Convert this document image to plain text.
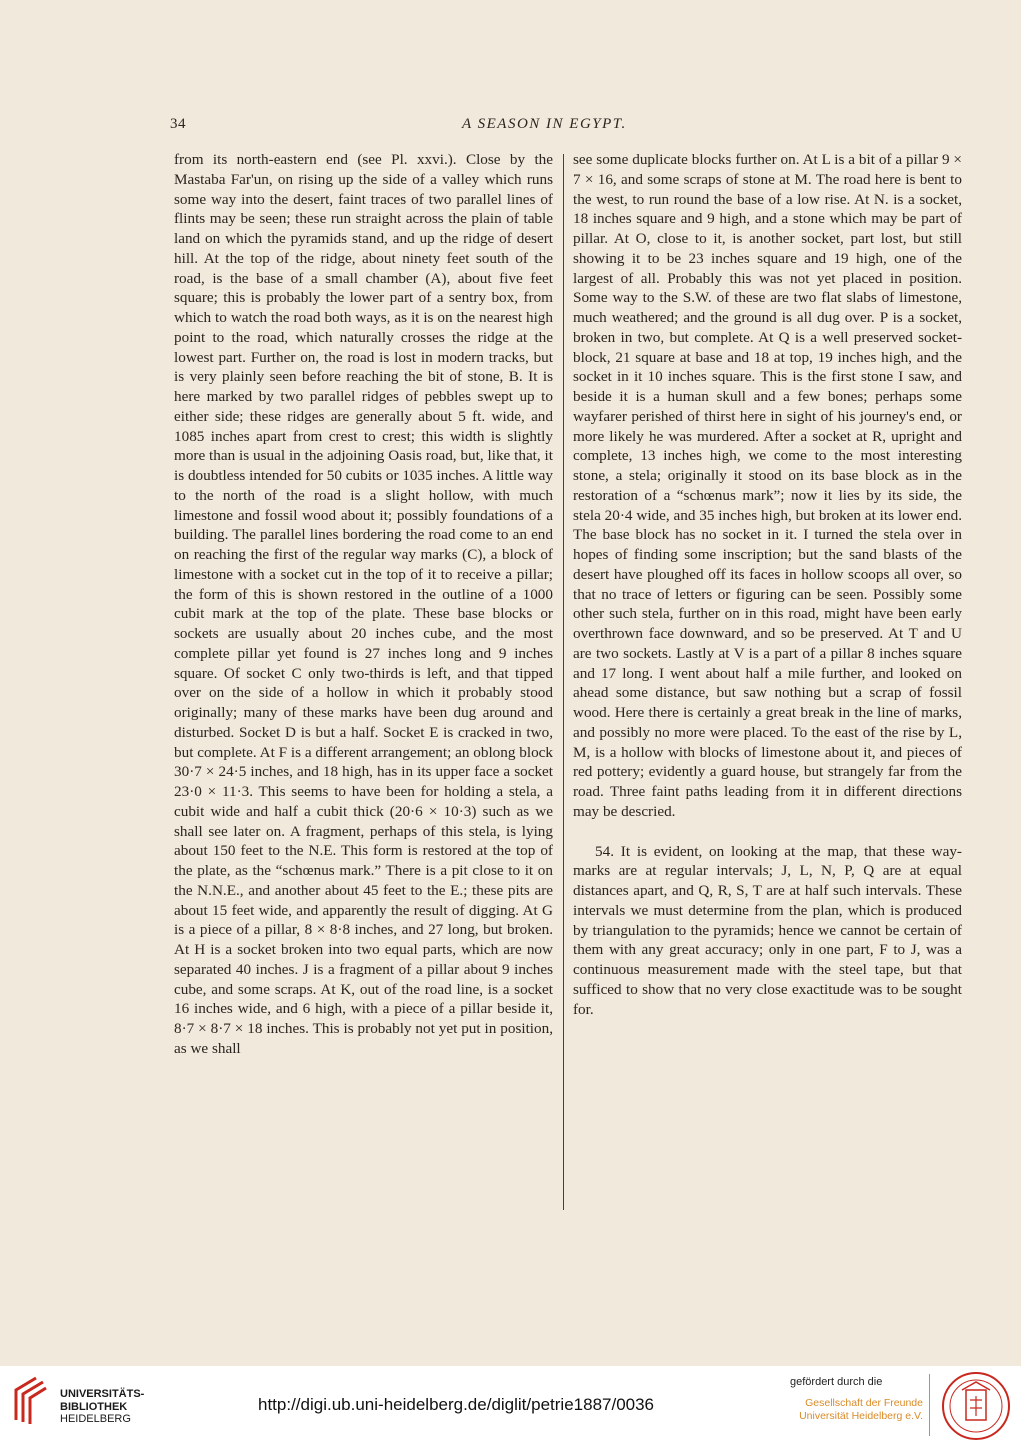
34	A SEASON IN EGYPT.

from its north-eastern end (see Pl. xxvi.). Close by the Mastaba Far'un, on rising up the side of a valley which runs some way into the desert, faint traces of two parallel lines of flints may be seen; these run straight across the plain of table land on which the pyramids stand, and up the ridge of desert hill. At the top of the ridge, about ninety feet south of the road, is the base of a small chamber (A), about five feet square; this is probably the lower part of a sentry box, from which to watch the road both ways, as it is on the nearest high point to the road, which naturally crosses the ridge at the lowest part. Further on, the road is lost in modern tracks, but is very plainly seen before reaching the bit of stone, B. It is here marked by two parallel ridges of pebbles swept up to either side; these ridges are generally about 5 ft. wide, and 1085 inches apart from crest to crest; this width is slightly more than is usual in the adjoining Oasis road, but, like that, it is doubtless intended for 50 cubits or 1035 inches. A little way to the north of the road is a slight hollow, with much limestone and fossil wood about it; possibly foundations of a building. The parallel lines bordering the road come to an end on reaching the first of the regular way marks (C), a block of limestone with a socket cut in the top of it to receive a pillar; the form of this is shown restored in the outline of a 1000 cubit mark at the top of the plate. These base blocks or sockets are usually about 20 inches cube, and the most complete pillar yet found is 27 inches long and 9 inches square. Of socket C only two-thirds is left, and that tipped over on the side of a hollow in which it probably stood originally; many of these marks have been dug around and disturbed. Socket D is but a half. Socket E is cracked in two, but complete. At F is a different arrangement; an oblong block 30·7 × 24·5 inches, and 18 high, has in its upper face a socket 23·0 × 11·3. This seems to have been for holding a stela, a cubit wide and half a cubit thick (20·6 × 10·3) such as we shall see later on. A fragment, perhaps of this stela, is lying about 150 feet to the N.E. This form is restored at the top of the plate, as the “schœnus mark.” There is a pit close to it on the N.N.E., and another about 45 feet to the E.; these pits are about 15 feet wide, and apparently the result of digging. At G is a piece of a pillar, 8 × 8·8 inches, and 27 long, but broken. At H is a socket broken into two equal parts, which are now separated 40 inches. J is a fragment of a pillar about 9 inches cube, and some scraps. At K, out of the road line, is a socket 16 inches wide, and 6 high, with a piece of a pillar beside it, 8·7 × 8·7 × 18 inches. This is probably not yet put in position, as we shall

see some duplicate blocks further on. At L is a bit of a pillar 9 × 7 × 16, and some scraps of stone at M. The road here is bent to the west, to run round the base of a low rise. At N. is a socket, 18 inches square and 9 high, and a stone which may be part of pillar. At O, close to it, is another socket, part lost, but still showing it to be 23 inches square and 19 high, one of the largest of all. Probably this was not yet placed in position. Some way to the S.W. of these are two flat slabs of limestone, much weathered; and the ground is all dug over. P is a socket, broken in two, but complete. At Q is a well preserved socket-block, 21 square at base and 18 at top, 19 inches high, and the socket in it 10 inches square. This is the first stone I saw, and beside it is a human skull and a few bones; perhaps some wayfarer perished of thirst here in sight of his journey's end, or more likely he was murdered. After a socket at R, upright and complete, 13 inches high, we come to the most interesting stone, a stela; originally it stood on its base block as in the restoration of a “schœnus mark”; now it lies by its side, the stela 20·4 wide, and 35 inches high, but broken at its lower end. The base block has no socket in it. I turned the stela over in hopes of finding some inscription; but the sand blasts of the desert have ploughed off its faces in hollow scoops all over, so that no trace of letters or figuring can be seen. Possibly some other such stela, further on in this road, might have been early overthrown face downward, and so be preserved. At T and U are two sockets. Lastly at V is a part of a pillar 8 inches square and 17 long. I went about half a mile further, and looked on ahead some distance, but saw nothing but a scrap of fossil wood. Here there is certainly a great break in the line of marks, and possibly no more were placed. To the east of the rise by L, M, is a hollow with blocks of limestone about it, and pieces of red pottery; evidently a guard house, but strangely far from the road. Three faint paths leading from it in different directions may be descried.

54. It is evident, on looking at the map, that these way-marks are at regular intervals; J, L, N, P, Q are at equal distances apart, and Q, R, S, T are at half such intervals. These intervals we must determine from the plan, which is produced by triangulation to the pyramids; hence we cannot be certain of them with any great accuracy; only in one part, F to J, was a continuous measurement made with the steel tape, but that sufficed to show that no very close exactitude was to be sought for.

UNIVERSITÄTS-
BIBLIOTHEK
HEIDELBERG
http://digi.ub.uni-heidelberg.de/diglit/petrie1887/0036
gefördert durch die
Gesellschaft der Freunde
Universität Heidelberg e.V.
